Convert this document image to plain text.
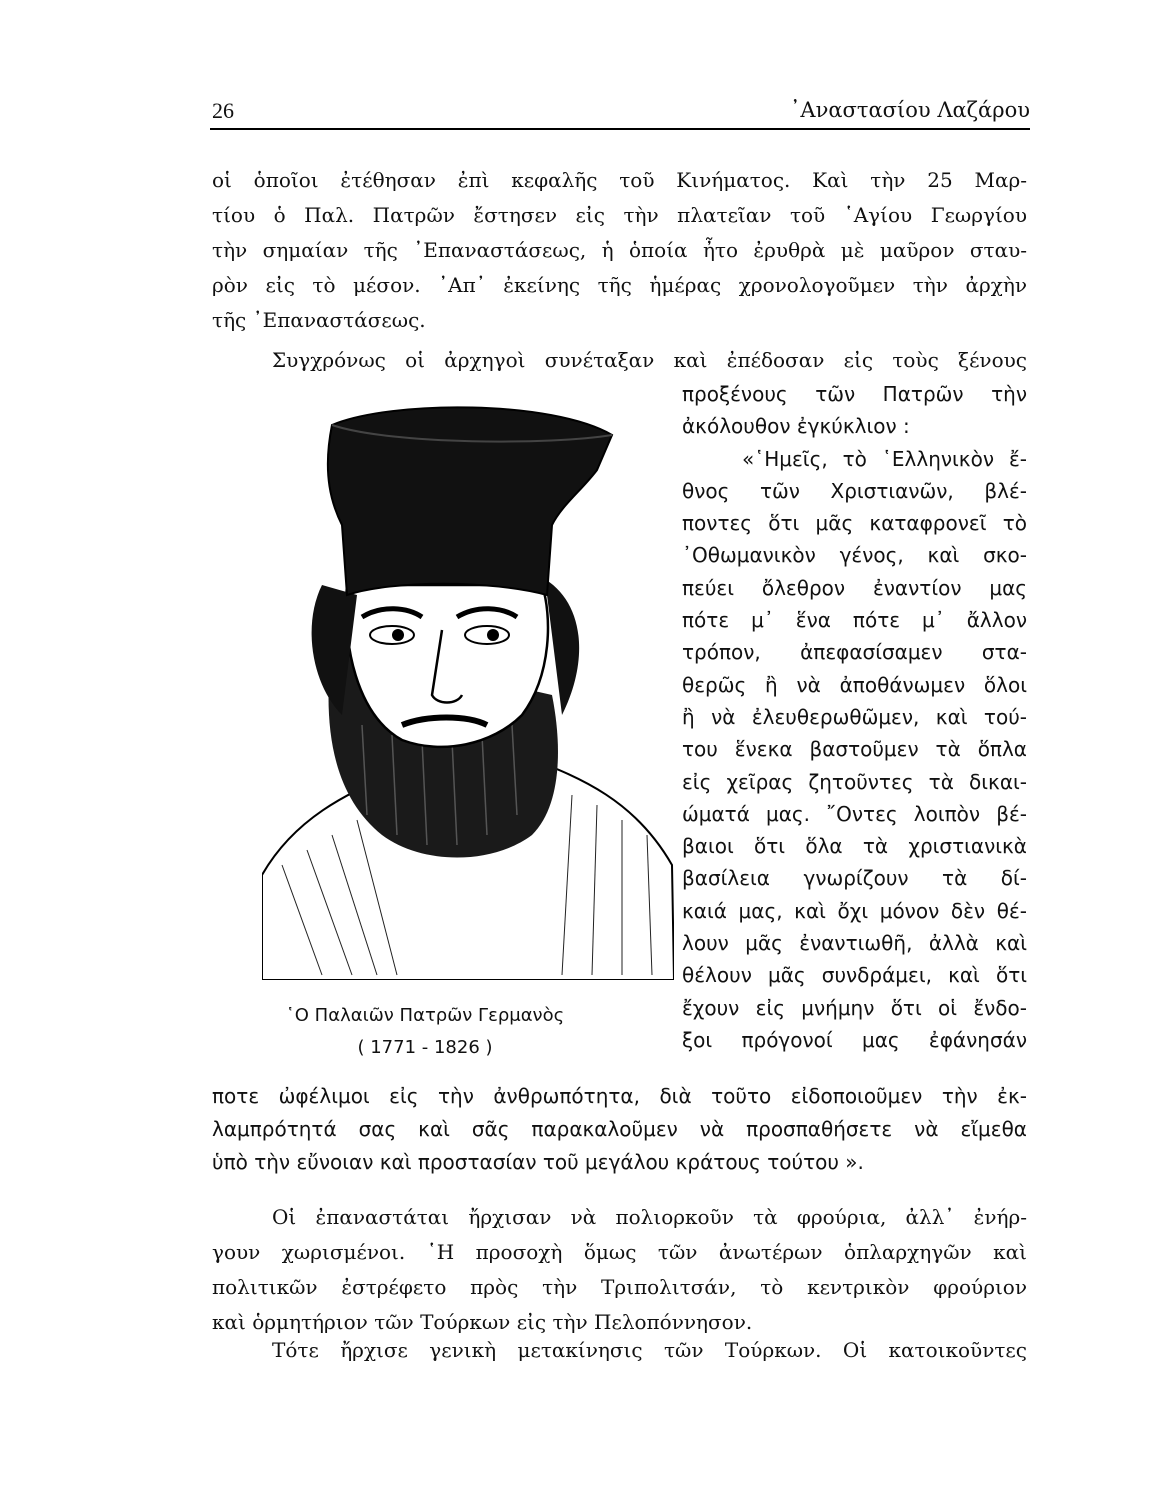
26	᾿Αναστασίου Λαζάρου
οἱ ὁποῖοι ἐτέθησαν ἐπὶ κεφαλῆς τοῦ Κινήματος. Καὶ τὴν 25 Μαρ-
τίου ὁ Παλ. Πατρῶν ἔστησεν εἰς τὴν πλατεῖαν τοῦ ῾Αγίου Γεωργίου
τὴν σημαίαν τῆς ᾿Επαναστάσεως, ἡ ὁποία ἦτο ἐρυθρὰ μὲ μαῦρον σταυ-
ρὸν εἰς τὸ μέσον. ᾿Απ᾿ ἐκείνης τῆς ἡμέρας χρονολογοῦμεν τὴν ἀρχὴν
τῆς ᾿Επαναστάσεως.
Συγχρόνως οἱ ἀρχηγοὶ συνέταξαν καὶ ἐπέδοσαν εἰς τοὺς ξένους
προξένους τῶν Πατρῶν τὴν
ἀκόλουθον ἐγκύκλιον :
«῾Ημεῖς, τὸ ῾Ελληνικὸν ἔ-
θνος τῶν Χριστιανῶν, βλέ-
ποντες ὅτι μᾶς καταφρονεῖ τὸ
᾿Οθωμανικὸν γένος, καὶ σκο-
πεύει ὄλεθρον ἐναντίον μας
πότε μ᾿ ἕνα πότε μ᾿ ἄλλον
τρόπον, ἀπεφασίσαμεν στα-
θερῶς ἢ νὰ ἀποθάνωμεν ὅλοι
ἢ νὰ ἐλευθερωθῶμεν, καὶ τού-
του ἕνεκα βαστοῦμεν τὰ ὅπλα
εἰς χεῖρας ζητοῦντες τὰ δικαι-
ώματά μας. ῎Οντες λοιπὸν βέ-
βαιοι ὅτι ὅλα τὰ χριστιανικὰ
βασίλεια γνωρίζουν τὰ δί-
καιά μας, καὶ ὄχι μόνον δὲν θέ-
λουν μᾶς ἐναντιωθῆ, ἀλλὰ καὶ
θέλουν μᾶς συνδράμει, καὶ ὅτι
ἔχουν εἰς μνήμην ὅτι οἱ ἔνδο-
ξοι πρόγονοί μας ἐφάνησάν
῾Ο Παλαιῶν Πατρῶν Γερμανὸς
( 1771 - 1826 )
ποτε ὠφέλιμοι εἰς τὴν ἀνθρωπότητα, διὰ τοῦτο εἰδοποιοῦμεν τὴν ἐκ-
λαμπρότητά σας καὶ σᾶς παρακαλοῦμεν νὰ προσπαθήσετε νὰ εἴμεθα
ὑπὸ τὴν εὔνοιαν καὶ προστασίαν τοῦ μεγάλου κράτους τούτου ».
Οἱ ἐπαναστάται ἤρχισαν νὰ πολιορκοῦν τὰ φρούρια, ἀλλ᾿ ἐνήρ-
γουν χωρισμένοι. ῾Η προσοχὴ ὅμως τῶν ἀνωτέρων ὁπλαρχηγῶν καὶ
πολιτικῶν ἐστρέφετο πρὸς τὴν Τριπολιτσάν, τὸ κεντρικὸν φρούριον
καὶ ὁρμητήριον τῶν Τούρκων εἰς τὴν Πελοπόννησον.
Τότε ἤρχισε γενικὴ μετακίνησις τῶν Τούρκων. Οἱ κατοικοῦντες
